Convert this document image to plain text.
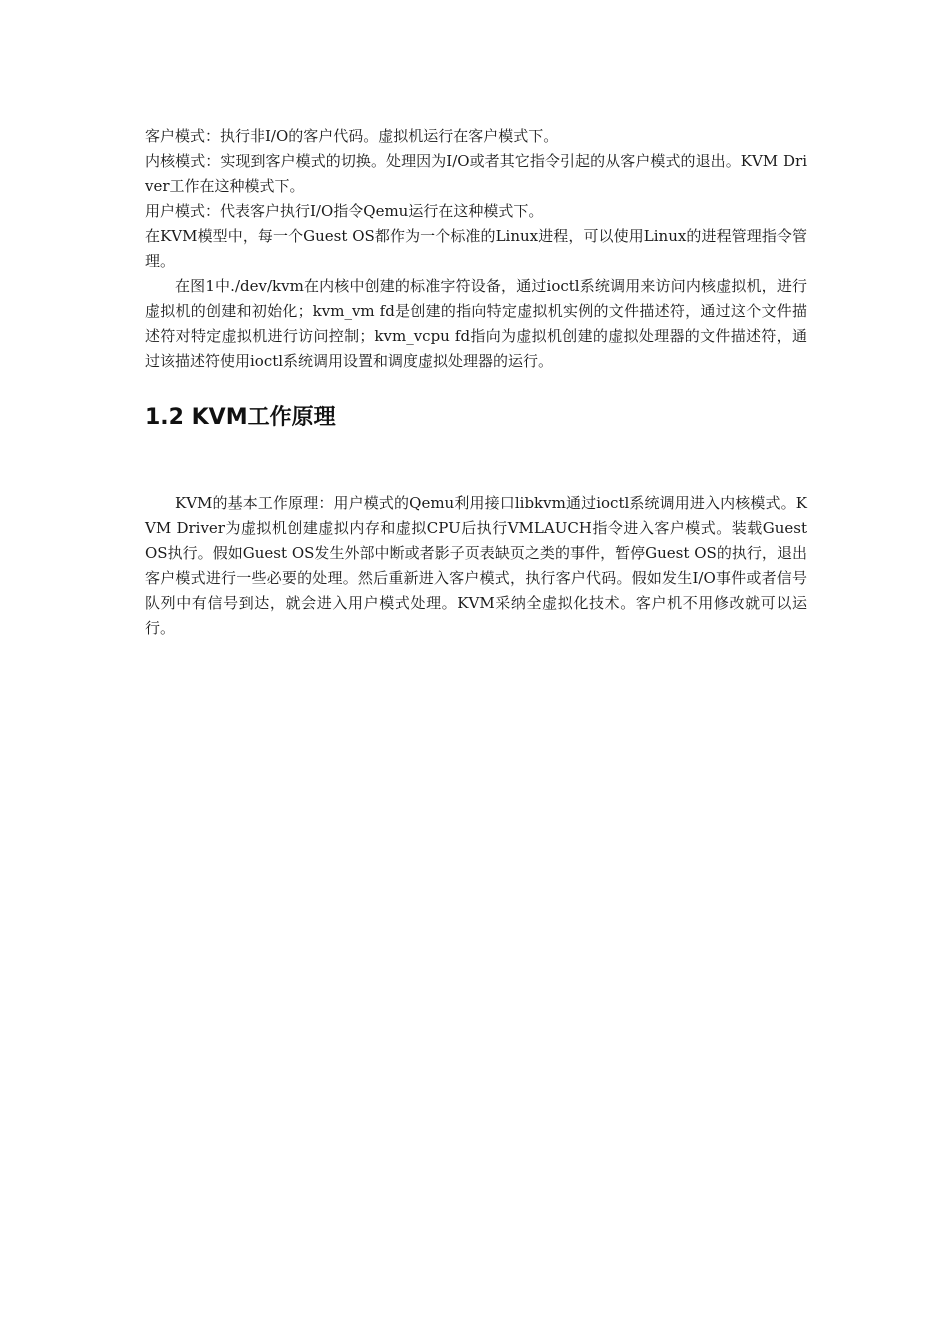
客户模式：执行非I/O的客户代码。虚拟机运行在客户模式下。

内核模式：实现到客户模式的切换。处理因为I/O或者其它指令引起的从客户模式的退出。KVM Driver工作在这种模式下。

用户模式：代表客户执行I/O指令Qemu运行在这种模式下。

在KVM模型中，每一个Guest OS都作为一个标准的Linux进程，可以使用Linux的进程管理指令管理。

在图1中./dev/kvm在内核中创建的标准字符设备，通过ioctl系统调用来访问内核虚拟机，进行虚拟机的创建和初始化；kvm_vm fd是创建的指向特定虚拟机实例的文件描述符，通过这个文件描述符对特定虚拟机进行访问控制；kvm_vcpu fd指向为虚拟机创建的虚拟处理器的文件描述符，通过该描述符使用ioctl系统调用设置和调度虚拟处理器的运行。

1.2 KVM工作原理

KVM的基本工作原理：用户模式的Qemu利用接口libkvm通过ioctl系统调用进入内核模式。KVM Driver为虚拟机创建虚拟内存和虚拟CPU后执行VMLAUCH指令进入客户模式。装载Guest OS执行。假如Guest OS发生外部中断或者影子页表缺页之类的事件，暂停Guest OS的执行，退出客户模式进行一些必要的处理。然后重新进入客户模式，执行客户代码。假如发生I/O事件或者信号队列中有信号到达，就会进入用户模式处理。KVM采纳全虚拟化技术。客户机不用修改就可以运行。
